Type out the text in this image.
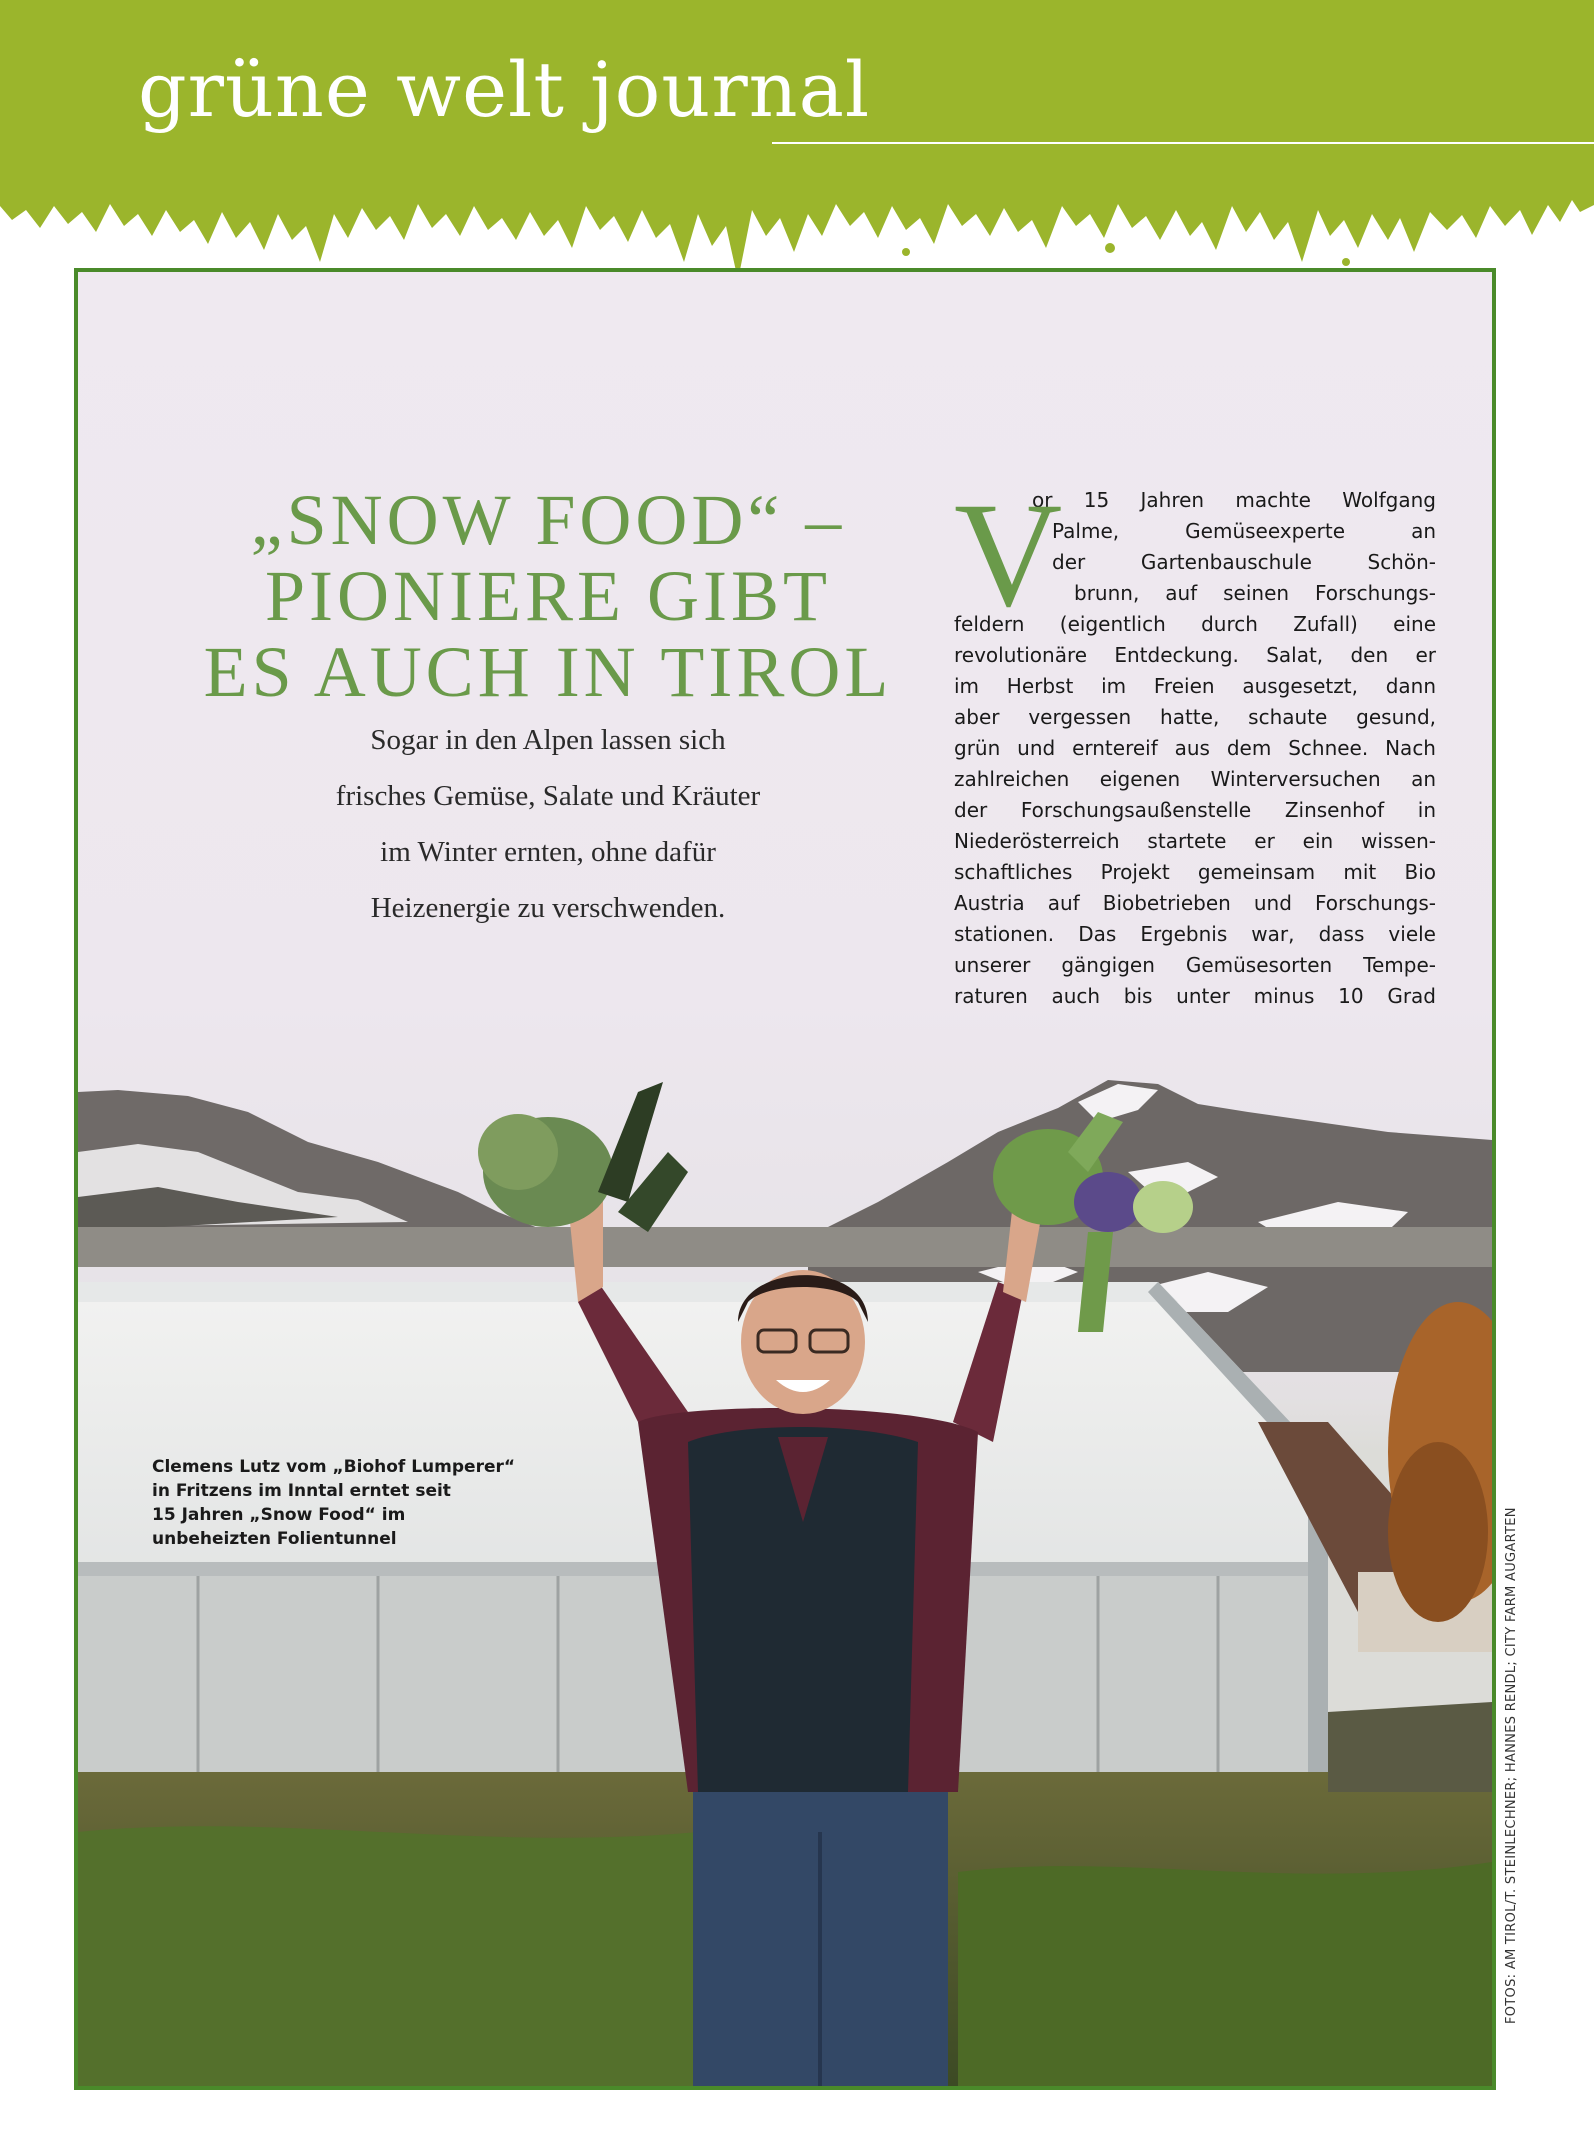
grüne welt journal
„SNOW FOOD“ –
PIONIERE GIBT
ES AUCH IN TIROL
Sogar in den Alpen lassen sich
frisches Gemüse, Salate und Kräuter
im Winter ernten, ohne dafür
Heizenergie zu verschwenden.
V
or 15 Jahren machte Wolfgang
Palme, Gemüseexperte an
der Gartenbauschule Schön-
brunn, auf seinen Forschungs-
feldern (eigentlich durch Zufall) eine
revolutionäre Entdeckung. Salat, den er
im Herbst im Freien ausgesetzt, dann
aber vergessen hatte, schaute gesund,
grün und erntereif aus dem Schnee. Nach
zahlreichen eigenen Winterversuchen an
der Forschungsaußenstelle Zinsenhof in
Niederösterreich startete er ein wissen-
schaftliches Projekt gemeinsam mit Bio
Austria auf Biobetrieben und Forschungs-
stationen. Das Ergebnis war, dass viele
unserer gängigen Gemüsesorten Tempe-
raturen auch bis unter minus 10 Grad
Clemens Lutz vom „Biohof Lumperer“
in Fritzens im Inntal erntet seit
15 Jahren „Snow Food“ im
unbeheizten Folientunnel	FOTOS: AM TIROL/T. STEINLECHNER; HANNES RENDL; CITY FARM AUGARTEN
